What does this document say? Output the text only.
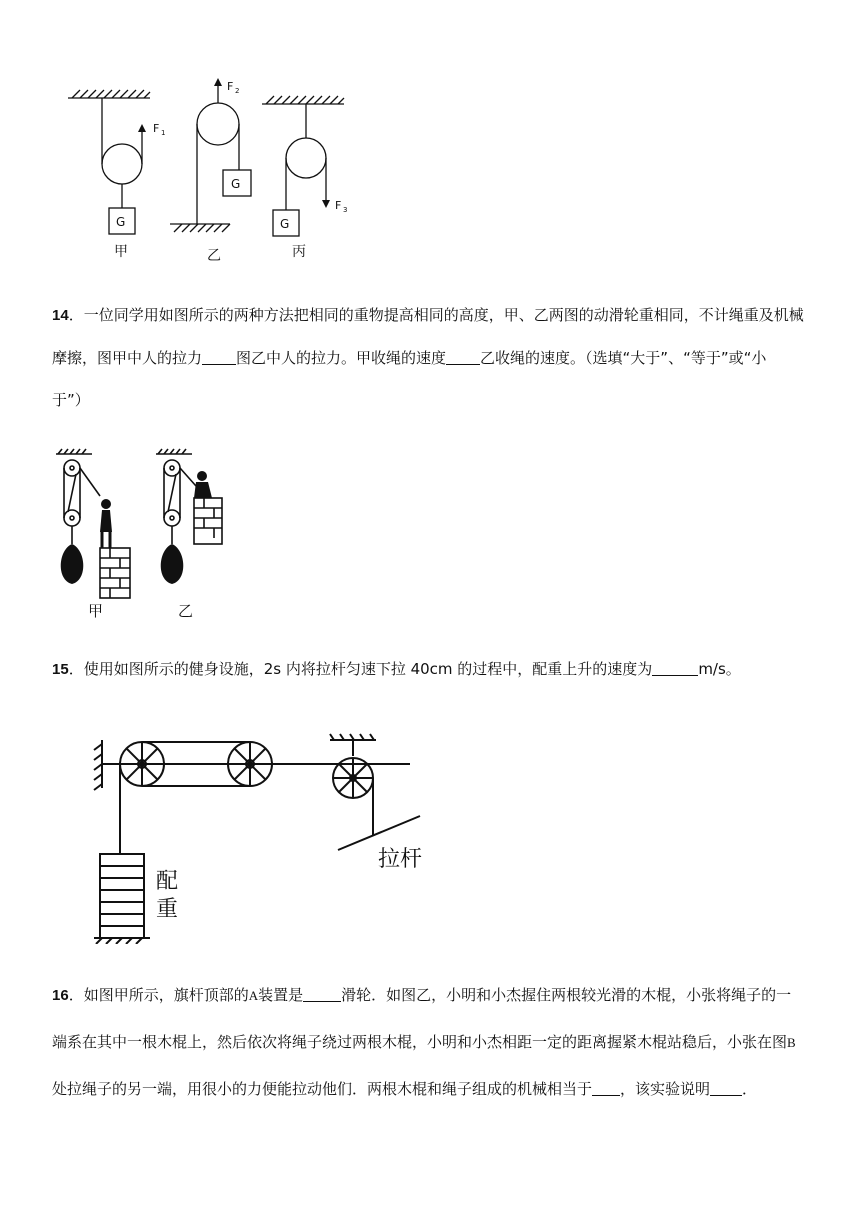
F 1
F 2
F 3
G
G
G
甲	乙	丙
14．一位同学用如图所示的两种方法把相同的重物提高相同的高度，甲、乙两图的动滑轮重相同，不计绳重及机械
摩擦，图甲中人的拉力 图乙中人的拉力。甲收绳的速度 乙收绳的速度。（选填“大于”、“等于”或“小
于”）
甲	乙
15．使用如图所示的健身设施，2s 内将拉杆匀速下拉 40cm 的过程中，配重上升的速度为	m/s。
配
重
拉杆
16．如图甲所示，旗杆顶部的A装置是	滑轮．如图乙，小明和小杰握住两根较光滑的木棍，小张将绳子的一
端系在其中一根木棍上，然后依次将绳子绕过两根木棍，小明和小杰相距一定的距离握紧木棍站稳后，小张在图B
处拉绳子的另一端，用很小的力便能拉动他们．两根木棍和绳子组成的机械相当于 ，该实验说明 ．
